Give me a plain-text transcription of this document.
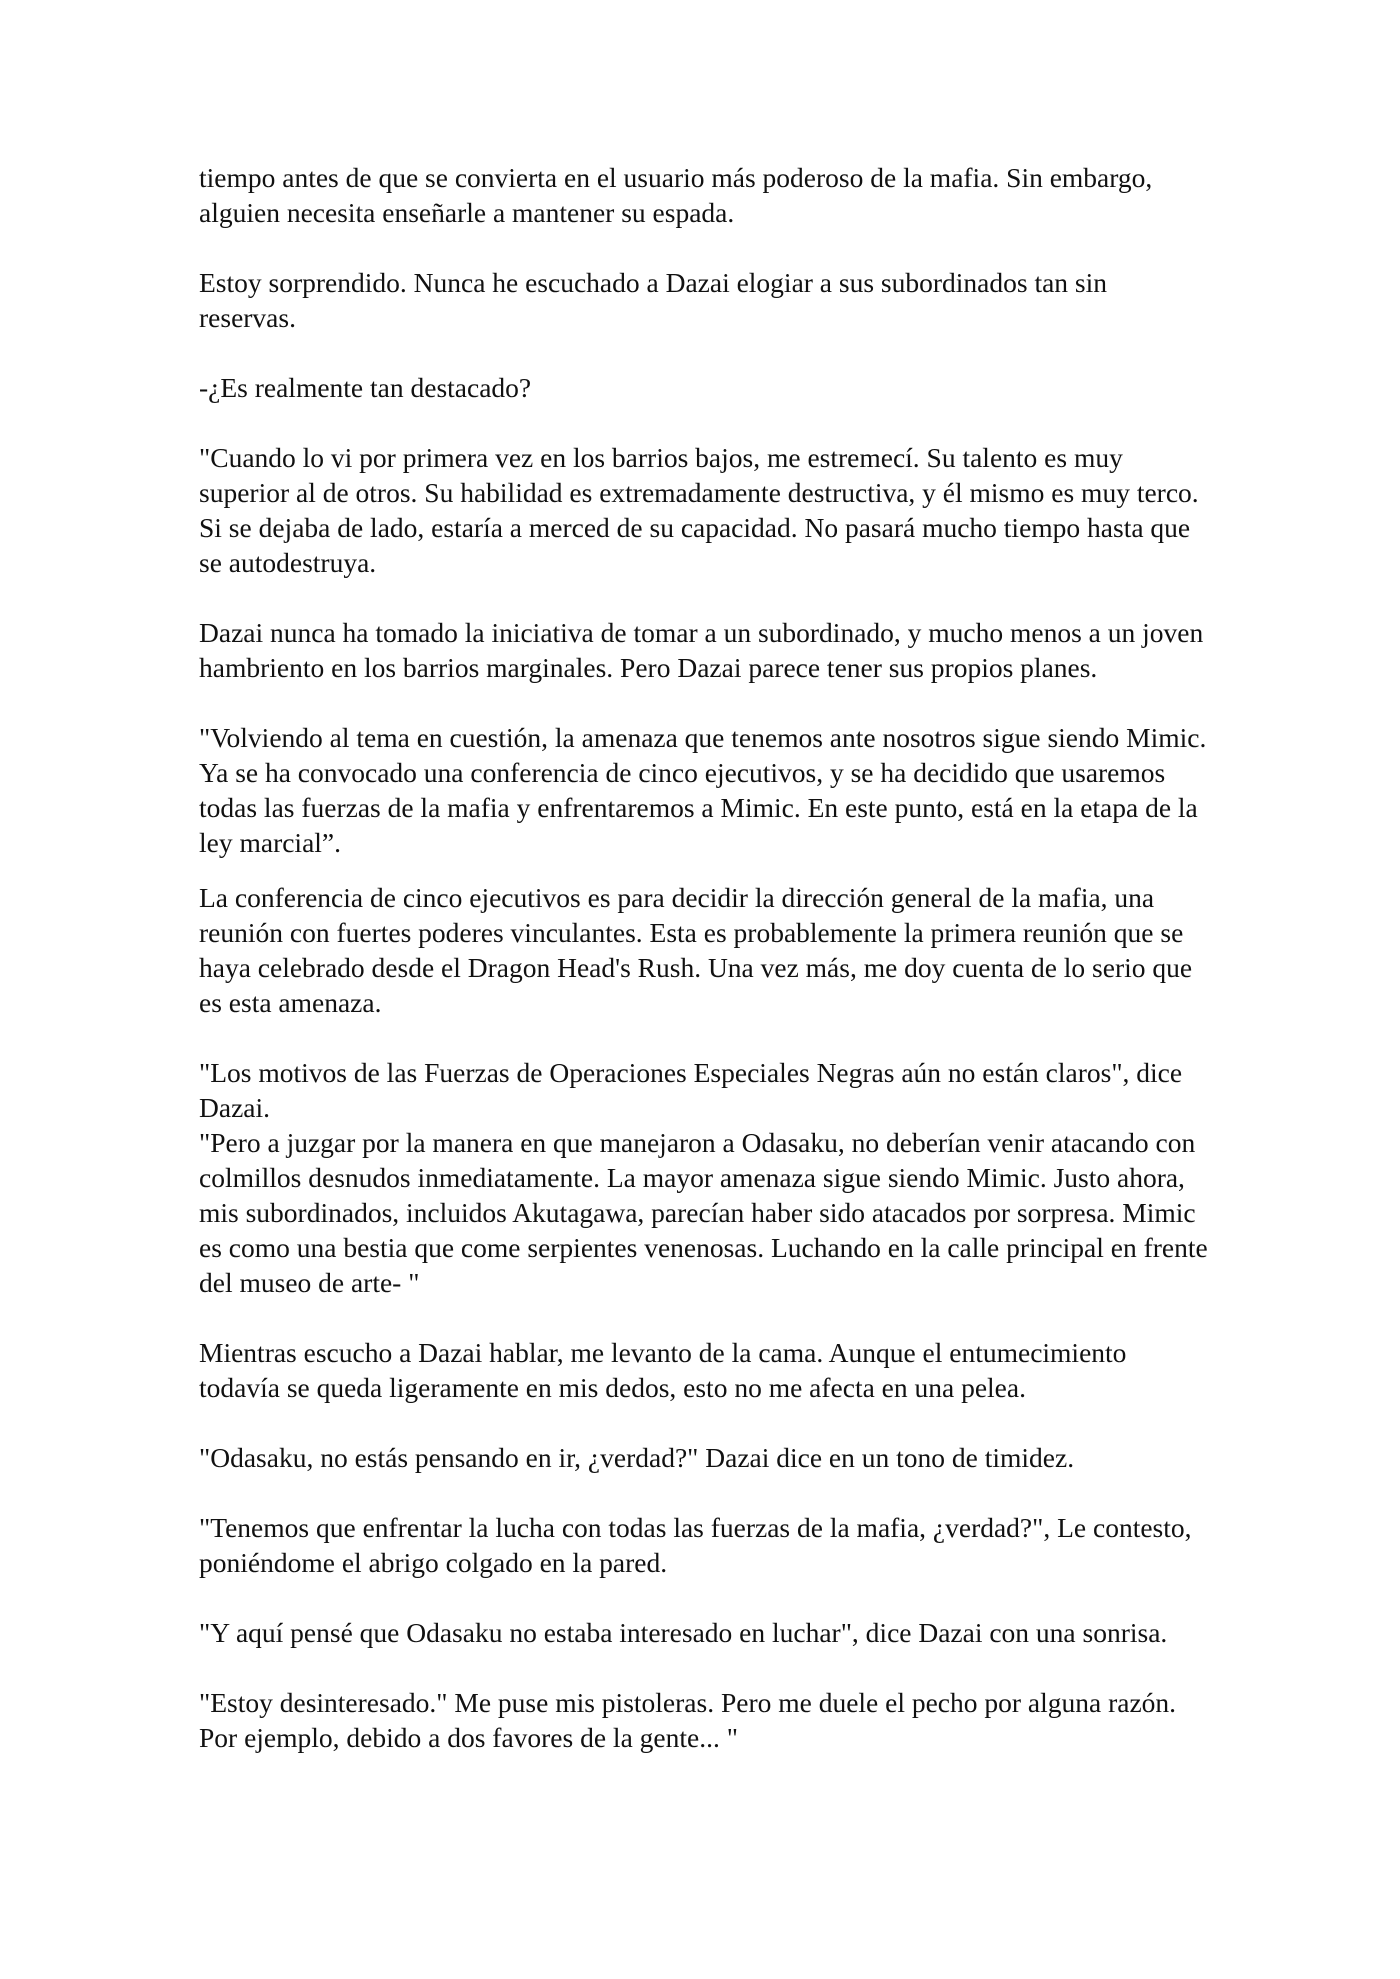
tiempo antes de que se convierta en el usuario más poderoso de la mafia. Sin embargo, alguien necesita enseñarle a mantener su espada.

Estoy sorprendido. Nunca he escuchado a Dazai elogiar a sus subordinados tan sin reservas.

-¿Es realmente tan destacado?

"Cuando lo vi por primera vez en los barrios bajos, me estremecí. Su talento es muy superior al de otros. Su habilidad es extremadamente destructiva, y él mismo es muy terco. Si se dejaba de lado, estaría a merced de su capacidad. No pasará mucho tiempo hasta que se autodestruya.

Dazai nunca ha tomado la iniciativa de tomar a un subordinado, y mucho menos a un joven hambriento en los barrios marginales. Pero Dazai parece tener sus propios planes.

"Volviendo al tema en cuestión, la amenaza que tenemos ante nosotros sigue siendo Mimic. Ya se ha convocado una conferencia de cinco ejecutivos, y se ha decidido que usaremos todas las fuerzas de la mafia y enfrentaremos a Mimic. En este punto, está en la etapa de la ley marcial”.

La conferencia de cinco ejecutivos es para decidir la dirección general de la mafia, una reunión con fuertes poderes vinculantes. Esta es probablemente la primera reunión que se haya celebrado desde el Dragon Head's Rush. Una vez más, me doy cuenta de lo serio que es esta amenaza.

"Los motivos de las Fuerzas de Operaciones Especiales Negras aún no están claros", dice Dazai.

"Pero a juzgar por la manera en que manejaron a Odasaku, no deberían venir atacando con colmillos desnudos inmediatamente. La mayor amenaza sigue siendo Mimic. Justo ahora, mis subordinados, incluidos Akutagawa, parecían haber sido atacados por sorpresa. Mimic es como una bestia que come serpientes venenosas. Luchando en la calle principal en frente del museo de arte- "

Mientras escucho a Dazai hablar, me levanto de la cama. Aunque el entumecimiento todavía se queda ligeramente en mis dedos, esto no me afecta en una pelea.

"Odasaku, no estás pensando en ir, ¿verdad?" Dazai dice en un tono de timidez.

"Tenemos que enfrentar la lucha con todas las fuerzas de la mafia, ¿verdad?", Le contesto, poniéndome el abrigo colgado en la pared.

"Y aquí pensé que Odasaku no estaba interesado en luchar", dice Dazai con una sonrisa.

"Estoy desinteresado." Me puse mis pistoleras. Pero me duele el pecho por alguna razón. Por ejemplo, debido a dos favores de la gente... "
